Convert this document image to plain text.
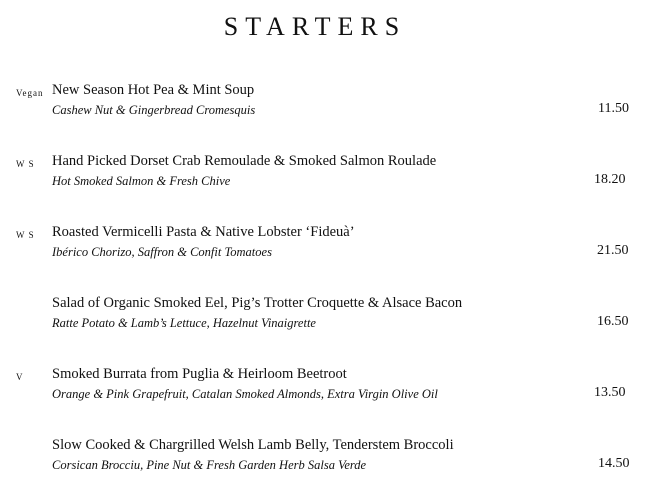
STARTERS
Vegan New Season Hot Pea & Mint Soup
Cashew Nut & Gingerbread Cromesquis	11.50
W S Hand Picked Dorset Crab Remoulade & Smoked Salmon Roulade
Hot Smoked Salmon & Fresh Chive	18.20
W S Roasted Vermicelli Pasta & Native Lobster ‘Fideuà’
Ibérico Chorizo, Saffron & Confit Tomatoes	21.50
Salad of Organic Smoked Eel, Pig’s Trotter Croquette & Alsace Bacon
Ratte Potato & Lamb’s Lettuce, Hazelnut Vinaigrette	16.50
V Smoked Burrata from Puglia & Heirloom Beetroot
Orange & Pink Grapefruit, Catalan Smoked Almonds, Extra Virgin Olive Oil	13.50
Slow Cooked & Chargrilled Welsh Lamb Belly, Tenderstem Broccoli
Corsican Brocciu, Pine Nut & Fresh Garden Herb Salsa Verde	14.50
